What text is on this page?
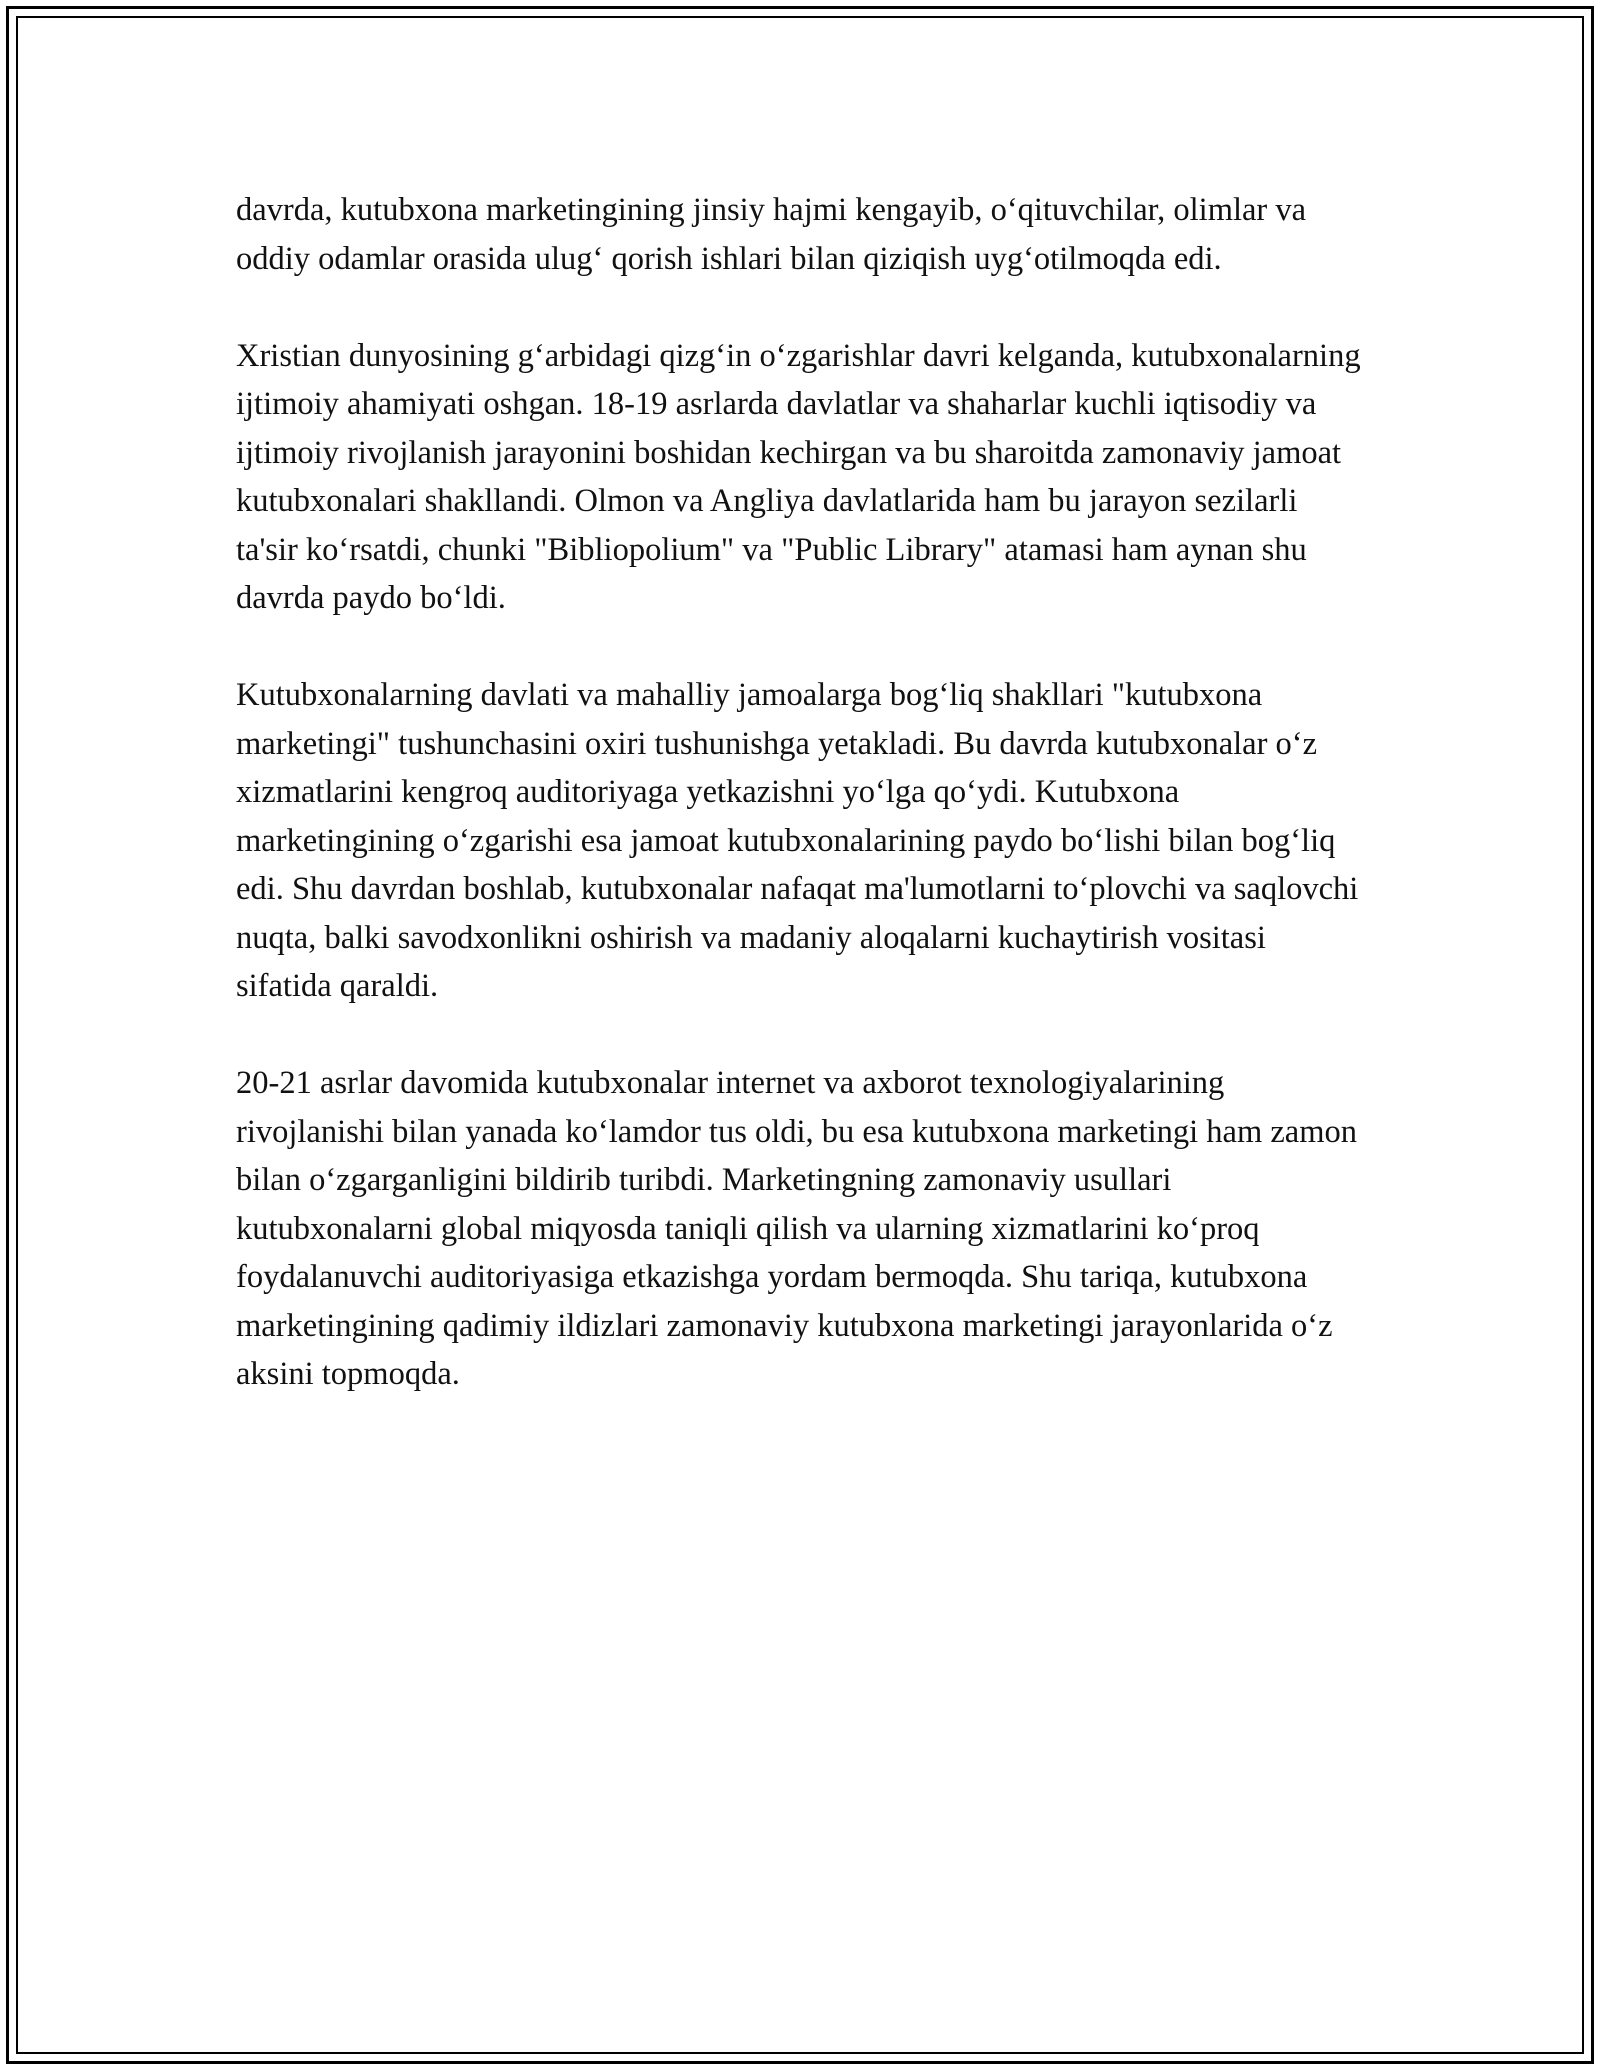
davrda, kutubxona marketingining jinsiy hajmi kengayib, o‘qituvchilar, olimlar va oddiy odamlar orasida ulug‘ qorish ishlari bilan qiziqish uyg‘otilmoqda edi.

Xristian dunyosining g‘arbidagi qizg‘in o‘zgarishlar davri kelganda, kutubxonalarning ijtimoiy ahamiyati oshgan. 18-19 asrlarda davlatlar va shaharlar kuchli iqtisodiy va ijtimoiy rivojlanish jarayonini boshidan kechirgan va bu sharoitda zamonaviy jamoat kutubxonalari shakllandi. Olmon va Angliya davlatlarida ham bu jarayon sezilarli ta'sir ko‘rsatdi, chunki "Bibliopolium" va "Public Library" atamasi ham aynan shu davrda paydo bo‘ldi.

Kutubxonalarning davlati va mahalliy jamoalarga bog‘liq shakllari "kutubxona marketingi" tushunchasini oxiri tushunishga yetakladi. Bu davrda kutubxonalar o‘z xizmatlarini kengroq auditoriyaga yetkazishni yo‘lga qo‘ydi. Kutubxona marketingining o‘zgarishi esa jamoat kutubxonalarining paydo bo‘lishi bilan bog‘liq edi. Shu davrdan boshlab, kutubxonalar nafaqat ma'lumotlarni to‘plovchi va saqlovchi nuqta, balki savodxonlikni oshirish va madaniy aloqalarni kuchaytirish vositasi sifatida qaraldi.

20-21 asrlar davomida kutubxonalar internet va axborot texnologiyalarining rivojlanishi bilan yanada ko‘lamdor tus oldi, bu esa kutubxona marketingi ham zamon bilan o‘zgarganligini bildirib turibdi. Marketingning zamonaviy usullari kutubxonalarni global miqyosda taniqli qilish va ularning xizmatlarini ko‘proq foydalanuvchi auditoriyasiga etkazishga yordam bermoqda. Shu tariqa, kutubxona marketingining qadimiy ildizlari zamonaviy kutubxona marketingi jarayonlarida o‘z aksini topmoqda.
